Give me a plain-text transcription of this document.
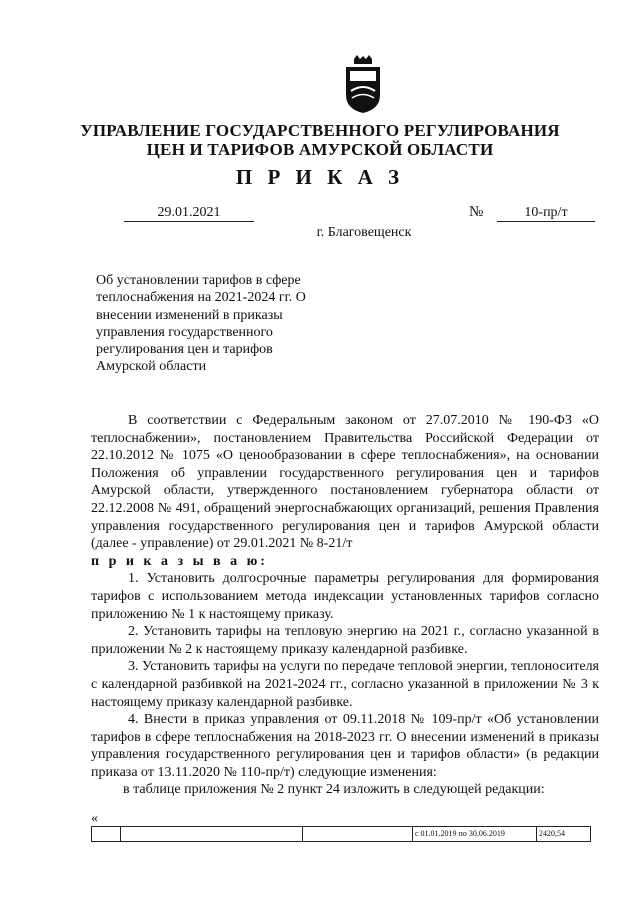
УПРАВЛЕНИЕ ГОСУДАРСТВЕННОГО РЕГУЛИРОВАНИЯ
ЦЕН И ТАРИФОВ АМУРСКОЙ ОБЛАСТИ
П Р И К А З
29.01.2021	№	10-пр/т
г. Благовещенск
Об установлении тарифов в сфере теплоснабжения на 2021-2024 гг. О внесении изменений в приказы управления государственного регулирования цен и тарифов Амурской области

В соответствии с Федеральным законом от 27.07.2010 № 190-ФЗ «О теплоснабжении», постановлением Правительства Российской Федерации от 22.10.2012 № 1075 «О ценообразовании в сфере теплоснабжения», на основании Положения об управлении государственного регулирования цен и тарифов Амурской области, утвержденного постановлением губернатора области от 22.12.2008 № 491, обращений энергоснабжающих организаций, решения Правления управления государственного регулирования цен и тарифов Амурской области (далее - управление) от 29.01.2021 № 8-21/т

п р и к а з ы в а ю:

1. Установить долгосрочные параметры регулирования для формирования тарифов с использованием метода индексации установленных тарифов согласно приложению № 1 к настоящему приказу.

2. Установить тарифы на тепловую энергию на 2021 г., согласно указанной в приложении № 2 к настоящему приказу календарной разбивке.

3. Установить тарифы на услуги по передаче тепловой энергии, теплоносителя с календарной разбивкой на 2021-2024 гг., согласно указанной в приложении № 3 к настоящему приказу календарной разбивке.

4. Внести в приказ управления от 09.11.2018 № 109-пр/т «Об установлении тарифов в сфере теплоснабжения на 2018-2023 гг. О внесении изменений в приказы управления государственного регулирования цен и тарифов области» (в редакции приказа от 13.11.2020 № 110-пр/т) следующие изменения:

в таблице приложения № 2 пункт 24 изложить в следующей редакции:

«
с 01.01.2019 по 30.06.2019	2420,54
